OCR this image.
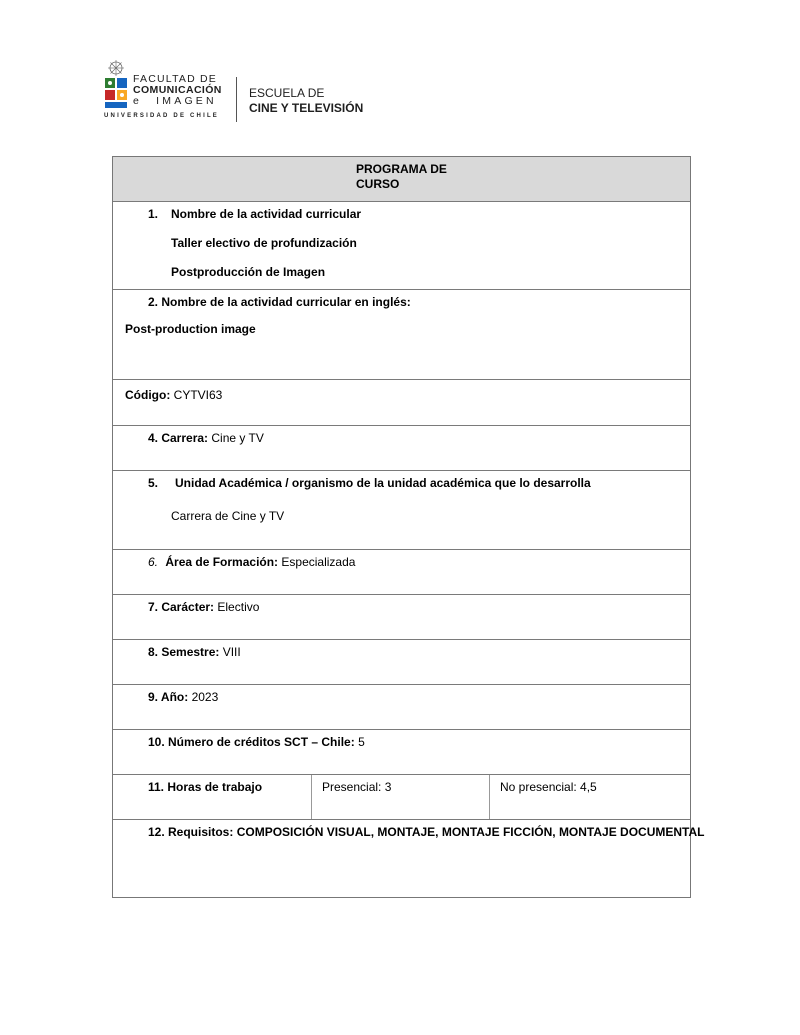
FACULTAD DE
COMUNICACIÓN
e IMAGEN
UNIVERSIDAD DE CHILE
ESCUELA DE
CINE Y TELEVISIÓN
PROGRAMA DE
CURSO
1. Nombre de la actividad curricular
Taller electivo de profundización
Postproducción de Imagen
2. Nombre de la actividad curricular en inglés:
Post-production image
Código: CYTVI63
4. Carrera: Cine y TV
5. Unidad Académica / organismo de la unidad académica que lo desarrolla
Carrera de Cine y TV
6. Área de Formación: Especializada
7. Carácter: Electivo
8. Semestre: VIII
9. Año: 2023
10. Número de créditos SCT – Chile: 5
11. Horas de trabajo	Presencial: 3	No presencial: 4,5
12. Requisitos: COMPOSICIÓN VISUAL, MONTAJE, MONTAJE FICCIÓN, MONTAJE DOCUMENTAL
